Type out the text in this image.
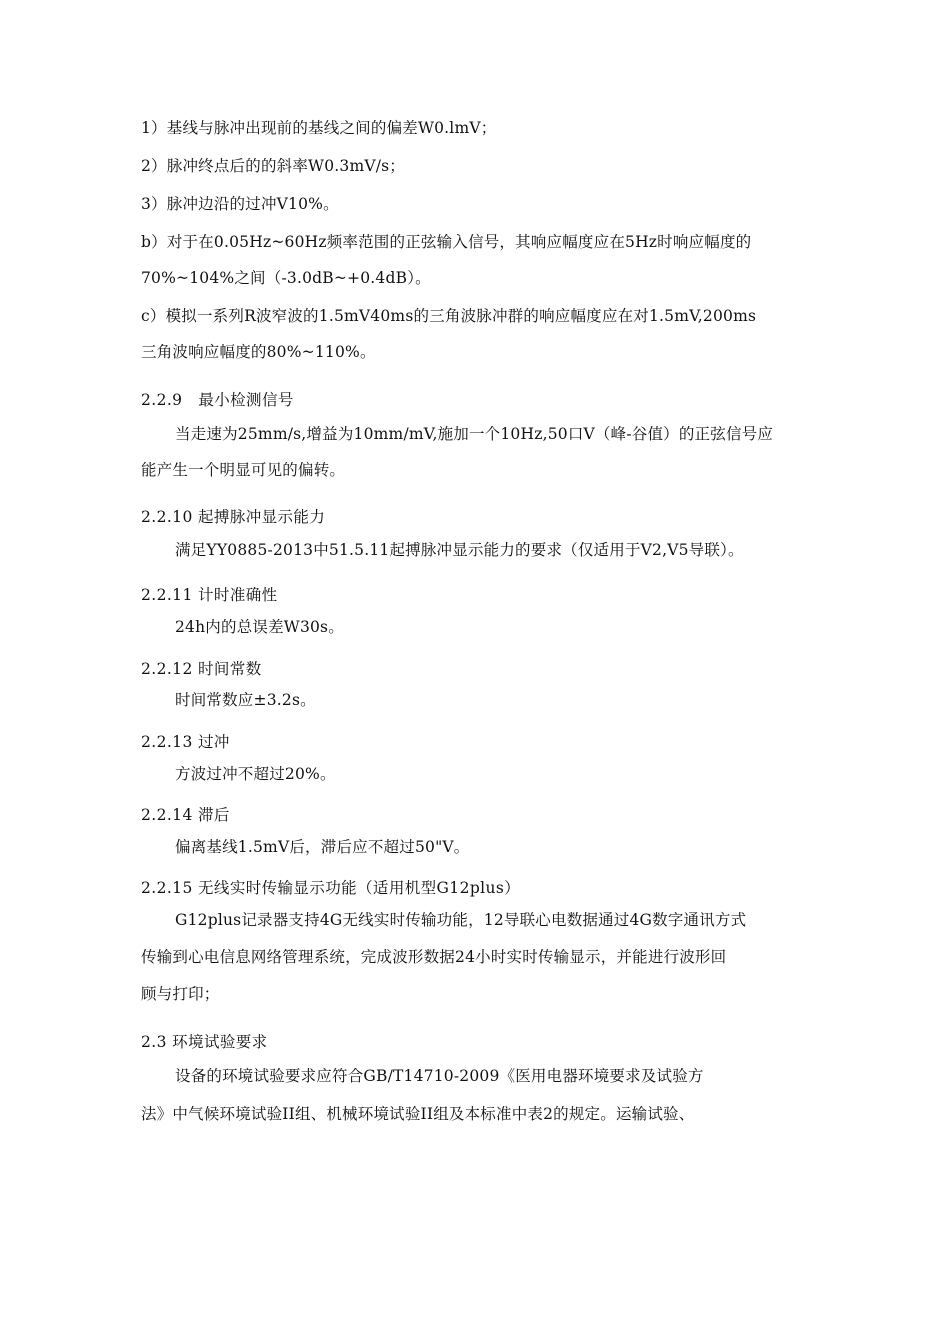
1）基线与脉冲出现前的基线之间的偏差W0.lmV；
2）脉冲终点后的的斜率W0.3mV/s；
3）脉冲边沿的过冲V10%。
b）对于在0.05Hz~60Hz频率范围的正弦输入信号，其响应幅度应在5Hz时响应幅度的
70%~104%之间（-3.0dB~+0.4dB）。
c）模拟一系列R波窄波的1.5mV40ms的三角波脉冲群的响应幅度应在对1.5mV,200ms
三角波响应幅度的80%~110%。
2.2.9　最小检测信号
当走速为25mm/s,增益为10mm/mV,施加一个10Hz,50口V（峰-谷值）的正弦信号应
能产生一个明显可见的偏转。
2.2.10 起搏脉冲显示能力
满足YY0885-2013中51.5.11起搏脉冲显示能力的要求（仅适用于V2,V5导联）。
2.2.11 计时准确性
24h内的总误差W30s。
2.2.12 时间常数
时间常数应±3.2s。
2.2.13 过冲
方波过冲不超过20%。
2.2.14 滞后
偏离基线1.5mV后，滞后应不超过50"V。
2.2.15 无线实时传输显示功能（适用机型G12plus）
G12plus记录器支持4G无线实时传输功能，12导联心电数据通过4G数字通讯方式
传输到心电信息网络管理系统，完成波形数据24小时实时传输显示，并能进行波形回
顾与打印；
2.3 环境试验要求
设备的环境试验要求应符合GB/T14710-2009《医用电器环境要求及试验方
法》中气候环境试验II组、机械环境试验II组及本标准中表2的规定。运输试验、
